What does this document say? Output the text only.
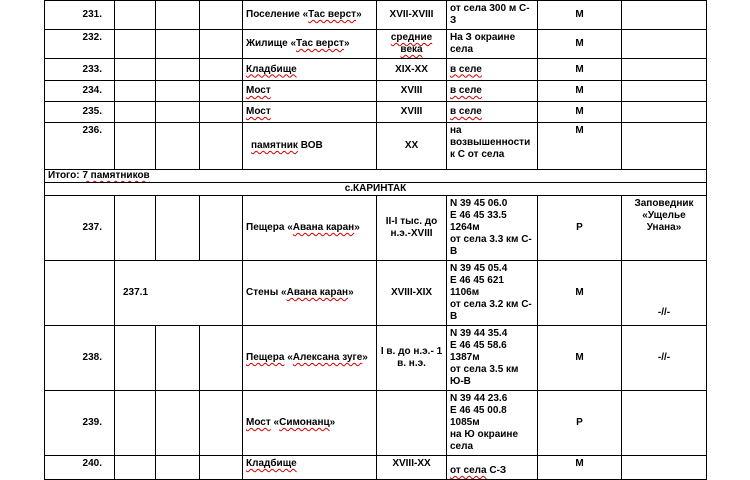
231.				Поселение «Тас верст»	XVII-XVIII	от села 300 м С-З	М	
232.				Жилище «Тас верст»	средние века	На З окраине села	М	
233.				Кладбище	XIX-XX	в селе	М	
234.				Мост	XVIII	в селе	М	
235.				Мост	XVIII	в селе	М	
236.				памятник ВОВ	XX	на возвышенности к С от села	М	
Итого: 7 памятников								
с.КАРИНТАК								
237.				Пещера «Авана каран»	II-I тыс. до н.э.-XVIII	N 39 45 06.0
E 46 45 33.5
1264м
от села 3.3 км С-В	Р	Заповедник «Ущелье Унана»
	237.1			Стены «Авана каран»	XVIII-XIX	N 39 45 05.4
E 46 45 621
1106м
от села 3.2 км С-В	М	-//-
238.				Пещера «Алексана зуге»	I в. до н.э.- 1 в. н.э.	N 39 44 35.4
E 46 45 58.6
1387м
от села 3.5 км Ю-В	М	-//-
239.				Мост «Симонанц»		N 39 44 23.6
E 46 45 00.8
1085м
на Ю окраине села	Р	
240.				Кладбище	XVIII-XX	от села С-З	М	
